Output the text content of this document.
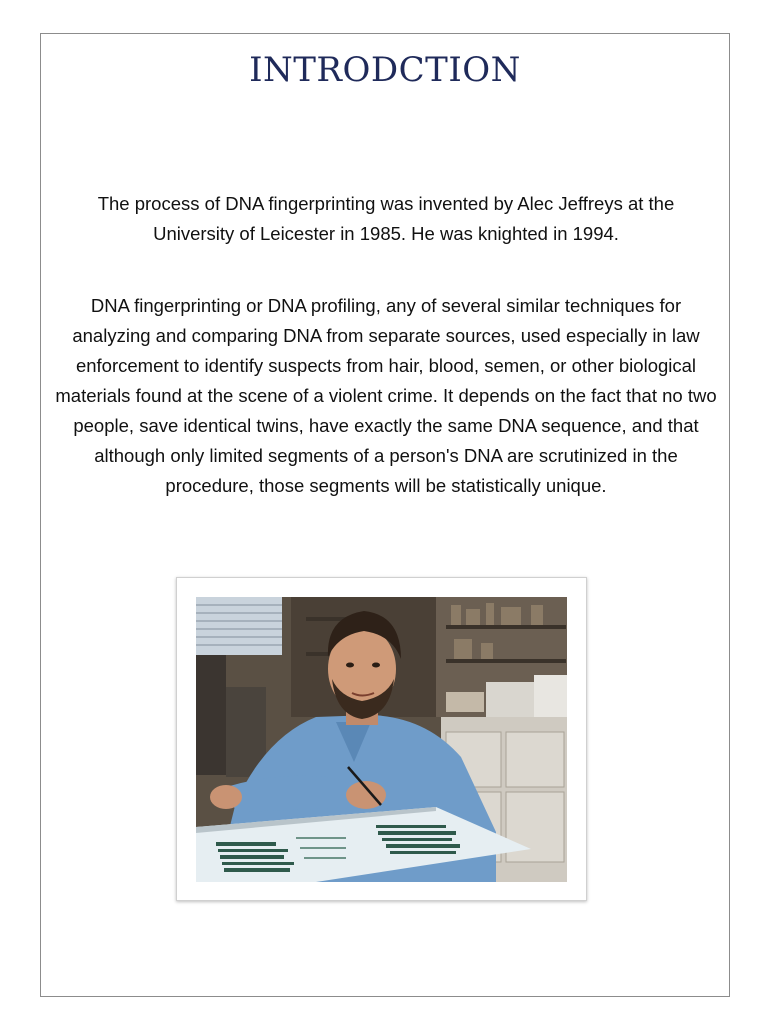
INTRODCTION

The process of DNA fingerprinting was invented by Alec Jeffreys at the University of Leicester in 1985. He was knighted in 1994.

DNA fingerprinting or DNA profiling, any of several similar techniques for analyzing and comparing DNA from separate sources, used especially in law enforcement to identify suspects from hair, blood, semen, or other biological materials found at the scene of a violent crime. It depends on the fact that no two people, save identical twins, have exactly the same DNA sequence, and that although only limited segments of a person's DNA are scrutinized in the procedure, those segments will be statistically unique.
